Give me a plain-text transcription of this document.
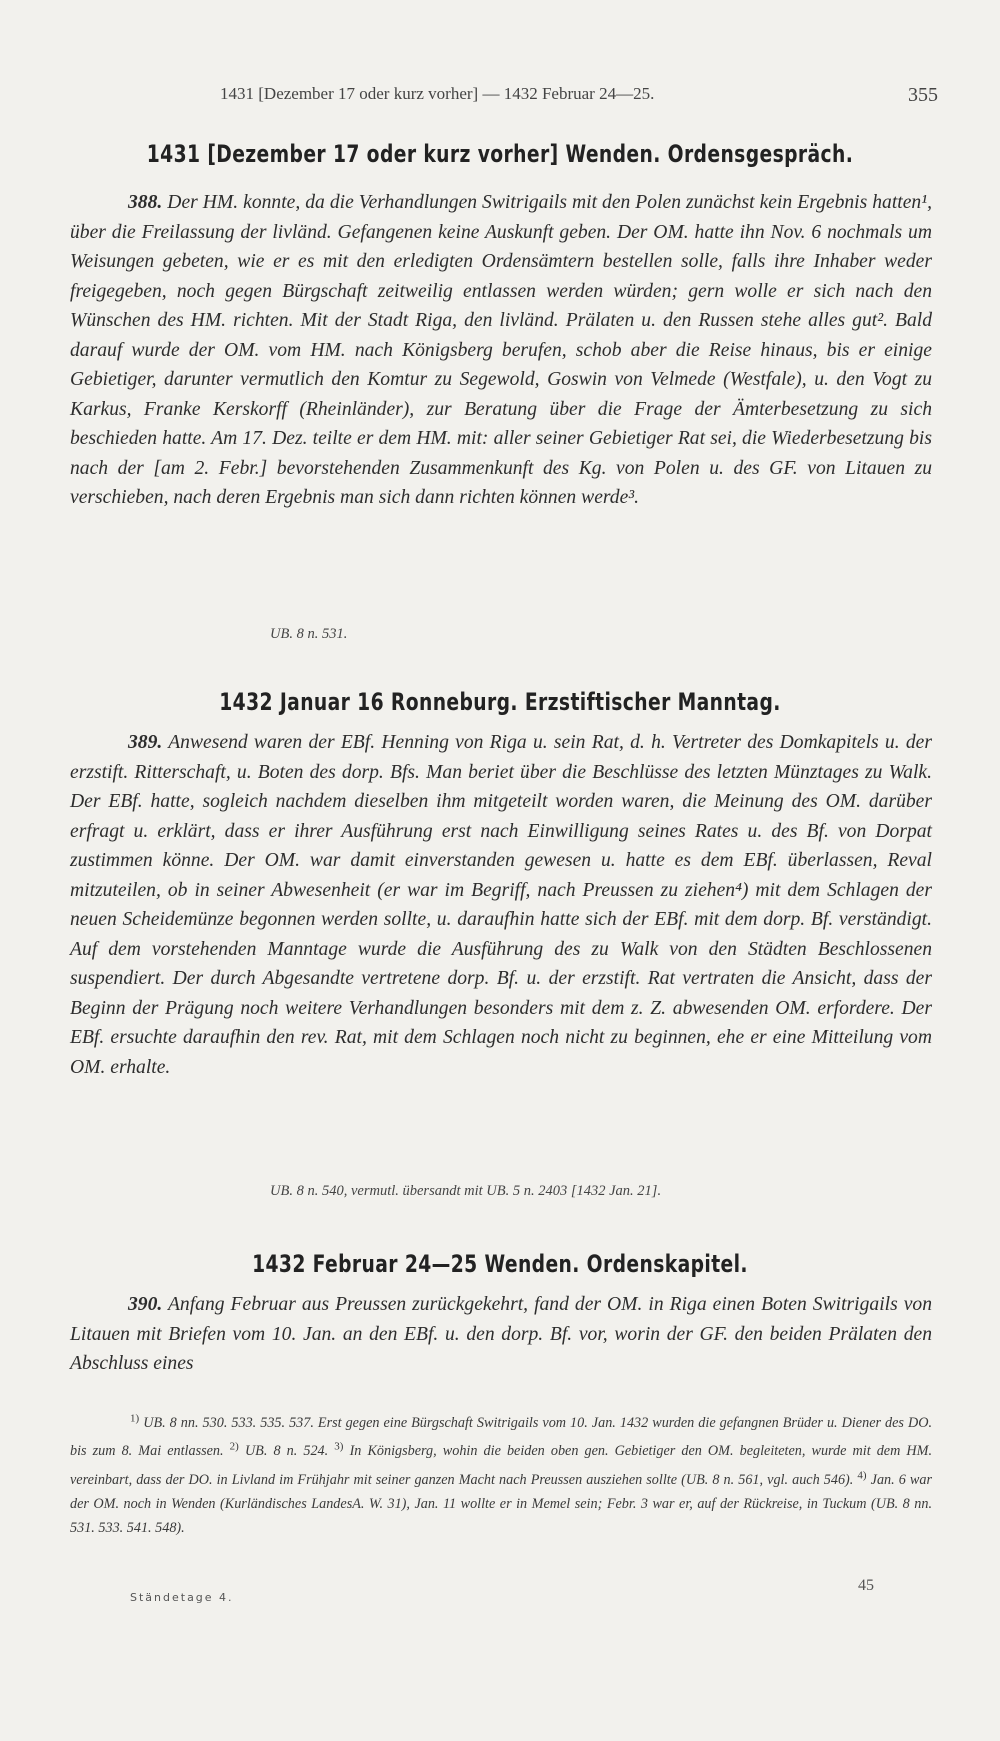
1431 [Dezember 17 oder kurz vorher] — 1432 Februar 24—25.	355
1431 [Dezember 17 oder kurz vorher] Wenden. Ordensgespräch.
388. Der HM. konnte, da die Verhandlungen Switrigails mit den Polen zunächst kein Ergebnis hatten¹, über die Freilassung der livländ. Gefangenen keine Auskunft geben. Der OM. hatte ihn Nov. 6 nochmals um Weisungen gebeten, wie er es mit den erledigten Ordensämtern bestellen solle, falls ihre Inhaber weder freigegeben, noch gegen Bürgschaft zeitweilig entlassen werden würden; gern wolle er sich nach den Wünschen des HM. richten. Mit der Stadt Riga, den livländ. Prälaten u. den Russen stehe alles gut². Bald darauf wurde der OM. vom HM. nach Königsberg berufen, schob aber die Reise hinaus, bis er einige Gebietiger, darunter vermutlich den Komtur zu Segewold, Goswin von Velmede (Westfale), u. den Vogt zu Karkus, Franke Kerskorff (Rheinländer), zur Beratung über die Frage der Ämterbesetzung zu sich beschieden hatte. Am 17. Dez. teilte er dem HM. mit: aller seiner Gebietiger Rat sei, die Wiederbesetzung bis nach der [am 2. Febr.] bevorstehenden Zusammenkunft des Kg. von Polen u. des GF. von Litauen zu verschieben, nach deren Ergebnis man sich dann richten können werde³.
UB. 8 n. 531.
1432 Januar 16 Ronneburg. Erzstiftischer Manntag.
389. Anwesend waren der EBf. Henning von Riga u. sein Rat, d. h. Vertreter des Domkapitels u. der erzstift. Ritterschaft, u. Boten des dorp. Bfs. Man beriet über die Beschlüsse des letzten Münztages zu Walk. Der EBf. hatte, sogleich nachdem dieselben ihm mitgeteilt worden waren, die Meinung des OM. darüber erfragt u. erklärt, dass er ihrer Ausführung erst nach Einwilligung seines Rates u. des Bf. von Dorpat zustimmen könne. Der OM. war damit einverstanden gewesen u. hatte es dem EBf. überlassen, Reval mitzuteilen, ob in seiner Abwesenheit (er war im Begriff, nach Preussen zu ziehen⁴) mit dem Schlagen der neuen Scheidemünze begonnen werden sollte, u. daraufhin hatte sich der EBf. mit dem dorp. Bf. verständigt. Auf dem vorstehenden Manntage wurde die Ausführung des zu Walk von den Städten Beschlossenen suspendiert. Der durch Abgesandte vertretene dorp. Bf. u. der erzstift. Rat vertraten die Ansicht, dass der Beginn der Prägung noch weitere Verhandlungen besonders mit dem z. Z. abwesenden OM. erfordere. Der EBf. ersuchte daraufhin den rev. Rat, mit dem Schlagen noch nicht zu beginnen, ehe er eine Mitteilung vom OM. erhalte.
UB. 8 n. 540, vermutl. übersandt mit UB. 5 n. 2403 [1432 Jan. 21].
1432 Februar 24—25 Wenden. Ordenskapitel.
390. Anfang Februar aus Preussen zurückgekehrt, fand der OM. in Riga einen Boten Switrigails von Litauen mit Briefen vom 10. Jan. an den EBf. u. den dorp. Bf. vor, worin der GF. den beiden Prälaten den Abschluss eines
$^{1)}$ UB. 8 nn. 530. 533. 535. 537. Erst gegen eine Bürgschaft Switrigails vom 10. Jan. 1432 wurden die gefangnen Brüder u. Diener des DO. bis zum 8. Mai entlassen. $^{2)}$ UB. 8 n. 524. $^{3)}$ In Königsberg, wohin die beiden oben gen. Gebietiger den OM. begleiteten, wurde mit dem HM. vereinbart, dass der DO. in Livland im Frühjahr mit seiner ganzen Macht nach Preussen ausziehen sollte (UB. 8 n. 561, vgl. auch 546). $^{4)}$ Jan. 6 war der OM. noch in Wenden (Kurländisches LandesA. W. 31), Jan. 11 wollte er in Memel sein; Febr. 3 war er, auf der Rückreise, in Tuckum (UB. 8 nn. 531. 533. 541. 548).
Ständetage 4.
45
